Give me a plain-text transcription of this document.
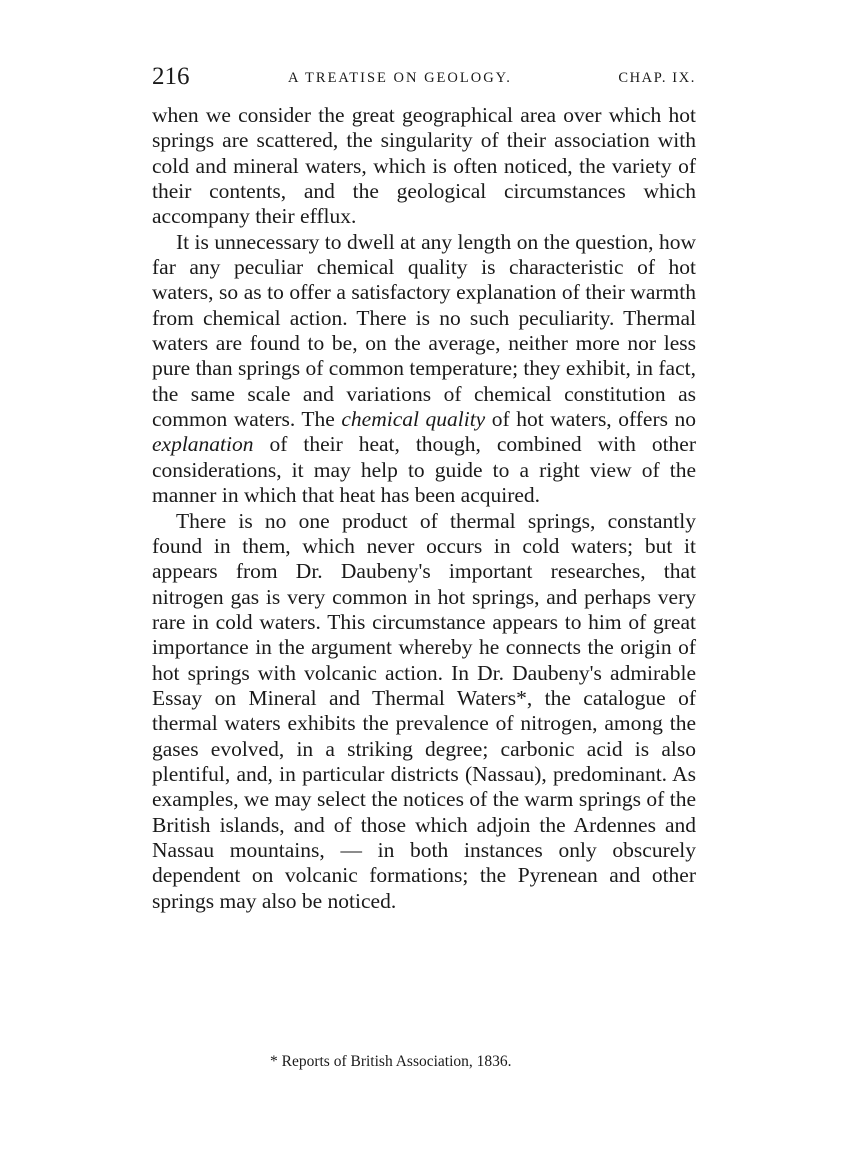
216	A TREATISE ON GEOLOGY.	CHAP. IX.

when we consider the great geographical area over which hot springs are scattered, the singularity of their association with cold and mineral waters, which is often noticed, the variety of their contents, and the geological circumstances which accompany their efflux.

It is unnecessary to dwell at any length on the question, how far any peculiar chemical quality is characteristic of hot waters, so as to offer a satisfactory explanation of their warmth from chemical action. There is no such peculiarity. Thermal waters are found to be, on the average, neither more nor less pure than springs of common temperature; they exhibit, in fact, the same scale and variations of chemical constitution as common waters. The chemical quality of hot waters, offers no explanation of their heat, though, combined with other considerations, it may help to guide to a right view of the manner in which that heat has been acquired.

There is no one product of thermal springs, constantly found in them, which never occurs in cold waters; but it appears from Dr. Daubeny's important researches, that nitrogen gas is very common in hot springs, and perhaps very rare in cold waters. This circumstance appears to him of great importance in the argument whereby he connects the origin of hot springs with volcanic action. In Dr. Daubeny's admirable Essay on Mineral and Thermal Waters*, the catalogue of thermal waters exhibits the prevalence of nitrogen, among the gases evolved, in a striking degree; carbonic acid is also plentiful, and, in particular districts (Nassau), predominant. As examples, we may select the notices of the warm springs of the British islands, and of those which adjoin the Ardennes and Nassau mountains, — in both instances only obscurely dependent on volcanic formations; the Pyrenean and other springs may also be noticed.

* Reports of British Association, 1836.
